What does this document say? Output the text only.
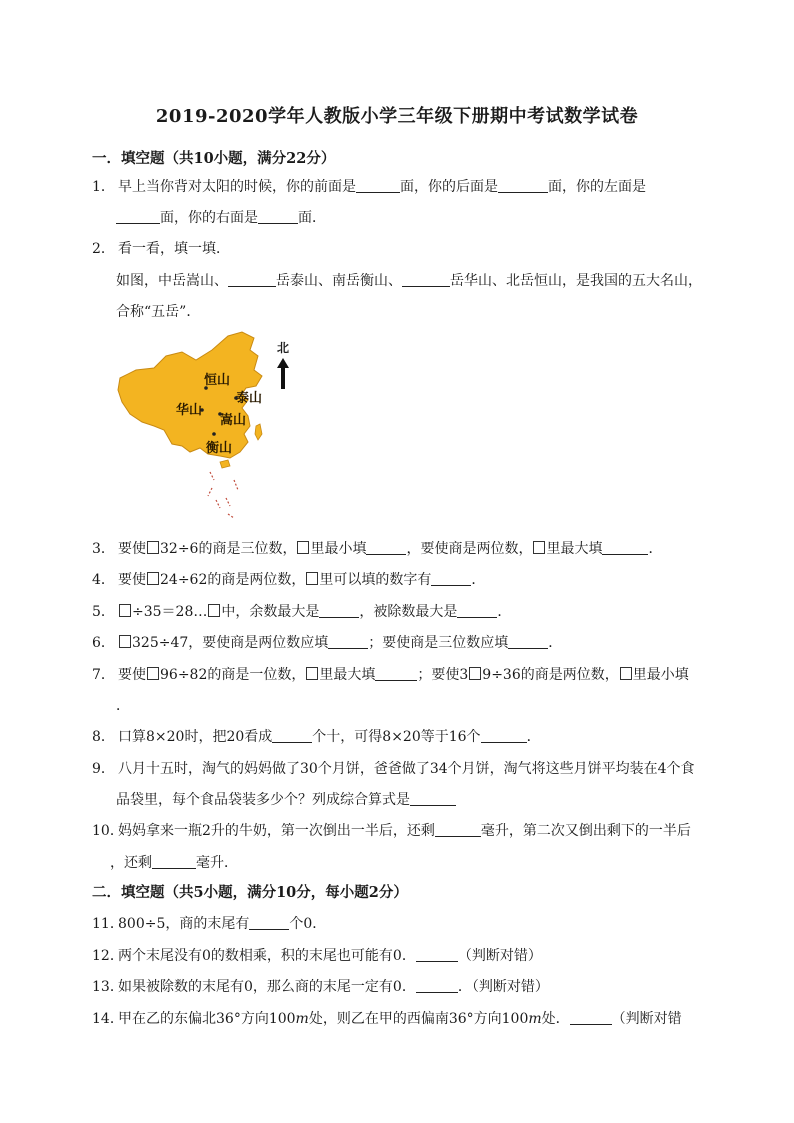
2019-2020学年人教版小学三年级下册期中考试数学试卷
一．填空题（共10小题，满分22分）
1． 早上当你背对太阳的时候，你的前面是	面，你的后面是	面，你的左面是
面，你的右面是	面．
2． 看一看，填一填．
如图，中岳嵩山、	岳泰山、南岳衡山、	岳华山、北岳恒山，是我国的五大名山，
合称“五岳”．
恒山
泰山
华山
嵩山
衡山
北
3． 要使 32÷6的商是三位数， 里最小填	，要使商是两位数， 里最大填	．
4． 要使 24÷62的商是两位数， 里可以填的数字有	．
5． ÷35＝28… 中，余数最大是	，被除数最大是	．
6． 325÷47，要使商是两位数应填	；要使商是三位数应填	．
7． 要使 96÷82的商是一位数， 里最大填	；要使3 9÷36的商是两位数， 里最小填
．
8． 口算8×20时，把20看成	个十，可得8×20等于16个	．
9． 八月十五时，淘气的妈妈做了30个月饼，爸爸做了34个月饼，淘气将这些月饼平均装在4个食
品袋里，每个食品袋装多少个？列成综合算式是
10．
妈妈拿来一瓶2升的牛奶，第一次倒出一半后，还剩	毫升，第二次又倒出剩下的一半后
，还剩	毫升．
二．填空题（共5小题，满分10分，每小题2分）
11．
800÷5，商的末尾有	个0．
12．
两个末尾没有0的数相乘，积的末尾也可能有0．	（判断对错）
13．
如果被除数的末尾有0，那么商的末尾一定有0．	．（判断对错）
14．
甲在乙的东偏北36°方向100m处，则乙在甲的西偏南36°方向100m处．	（判断对错
